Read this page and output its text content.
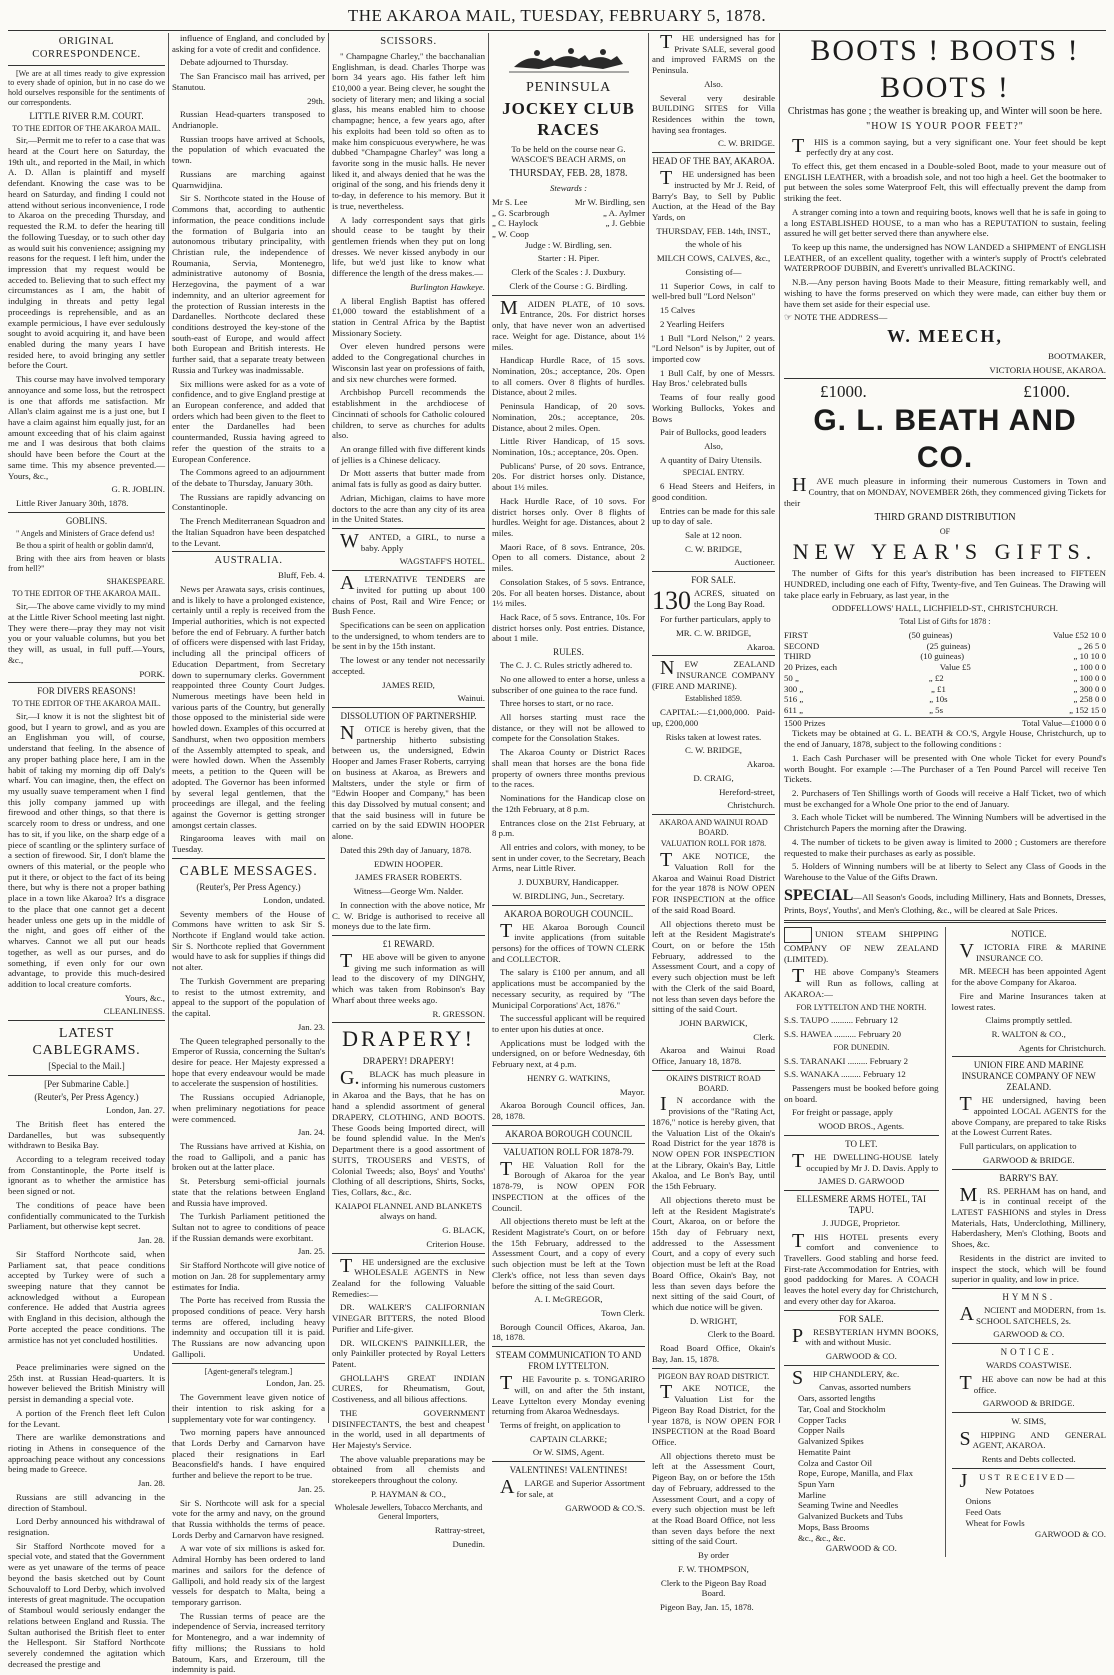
THE AKAROA MAIL, TUESDAY, FEBRUARY 5, 1878.
ORIGINAL CORRESPONDENCE.

[We are at all times ready to give expression to every shade of opinion, but in no case do we hold ourselves responsible for the sentiments of our correspondents.

LITTLE RIVER R.M. COURT.
TO THE EDITOR OF THE AKAROA MAIL.

Sir,—Permit me to refer to a case that was heard at the Court here on Saturday, the 19th ult., and reported in the Mail, in which A. D. Allan is plaintiff and myself defendant. Knowing the case was to be heard on Saturday, and finding I could not attend without serious inconvenience, I rode to Akaroa on the preceding Thursday, and requested the R.M. to defer the hearing till the following Tuesday, or to such other day as would suit his convenience; assigning my reasons for the request. I left him, under the impression that my request would be acceded to. Believing that to such effect my circumstances as I am, the habit of indulging in threats and petty legal proceedings is reprehensible, and as an example permicious, I have ever sedulously sought to avoid acquiring it, and have been enabled during the many years I have resided here, to avoid bringing any settler before the Court.

This course may have involved temporary annoyance and some loss, but the retrospect is one that affords me satisfaction. Mr Allan's claim against me is a just one, but I have a claim against him equally just, for an amount exceeding that of his claim against me and I was desirous that both claims should have been before the Court at the same time. This my absence prevented.—Yours, &c.,

G. R. JOBLIN.

Little River January 30th, 1878.

GOBLINS.

" Angels and Ministers of Grace defend us!

Be thou a spirit of health or goblin damn'd,

Bring with thee airs from heaven or blasts from hell?"

SHAKESPEARE.

TO THE EDITOR OF THE AKAROA MAIL.

Sir,—The above came vividly to my mind at the Little River School meeting last night. They were there—pray they may not visit you or your valuable columns, but you bet they will, as usual, in full puff.—Yours, &c.,

PORK.

FOR DIVERS REASONS!
TO THE EDITOR OF THE AKAROA MAIL.

Sir,—I know it is not the slightest bit of good, but I yearn to growl, and as you are an Englishman you will, of course, understand that feeling. In the absence of any proper bathing place here, I am in the habit of taking my morning dip off Daly's wharf. You can imagine, then, the effect on my usually suave temperament when I find this jolly company jammed up with firewood and other things, so that there is scarcely room to dress or undress, and one has to sit, if you like, on the sharp edge of a piece of scantling or the splintery surface of a section of firewood. Sir, I don't blame the owners of this material, or the people who put it there, or object to the fact of its being there, but why is there not a proper bathing place in a town like Akaroa? It's a disgrace to the place that one cannot get a decent header unless one gets up in the middle of the night, and goes off either of the wharves. Cannot we all put our heads together, as well as our purses, and do something, if even only for our own advantage, to provide this much-desired addition to local creature comforts.

Yours, &c.,

CLEANLINESS.

LATEST CABLEGRAMS.
[Special to the Mail.]
[Per Submarine Cable.]
(Reuter's, Per Press Agency.)

London, Jan. 27.

The British fleet has entered the Dardanelles, but was subsequently withdrawn to Besika Bay.

According to a telegram received today from Constantinople, the Porte itself is ignorant as to whether the armistice has been signed or not.

The conditions of peace have been confidentially communicated to the Turkish Parliament, but otherwise kept secret.

Jan. 28.

Sir Stafford Northcote said, when Parliament sat, that peace conditions accepted by Turkey were of such a sweeping nature that they cannot be acknowledged without a European conference. He added that Austria agrees with England in this decision, although the Porte accepted the peace conditions. The armistice has not yet concluded hostilities.

Undated.

Peace preliminaries were signed on the 25th inst. at Russian Head-quarters. It is however believed the British Ministry will persist in demanding a special vote.

A portion of the French fleet left Culon for the Levant.

There are warlike demonstrations and rioting in Athens in consequence of the approaching peace without any concessions being made to Greece.

Jan. 28.

Russians are still advancing in the direction of Stamboul.

Lord Derby announced his withdrawal of resignation.

Sir Stafford Northcote moved for a special vote, and stated that the Government were as yet unaware of the terms of peace beyond the basis sketched out by Count Schouvaloff to Lord Derby, which involved interests of great magnitude. The occupation of Stamboul would seriously endanger the relations between England and Russia. The Sultan authorised the British fleet to enter the Hellespont. Sir Stafford Northcote severely condemned the agitation which decreased the prestige and

influence of England, and concluded by asking for a vote of credit and confidence.

Debate adjourned to Thursday.

The San Francisco mail has arrived, per Stanutou.

29th.

Russian Head-quarters transposed to Andrianople.

Russian troops have arrived at Schools, the population of which evacuated the town.

Russians are marching against Quarnwidjina.

Sir S. Northcote stated in the House of Commons that, according to authentic information, the peace conditions include the formation of Bulgaria into an autonomous tributary principality, with Christian rule, the independence of Roumania, Servia, Montenegro, administrative autonomy of Bosnia, Herzegovina, the payment of a war indemnity, and an ulterior agreement for the protection of Russian interests in the Dardanelles. Northcote declared these conditions destroyed the key-stone of the south-east of Europe, and would affect both European and British interests. He further said, that a separate treaty between Russia and Turkey was inadmissable.

Six millions were asked for as a vote of confidence, and to give England prestige at an European conference, and added that orders which had been given to the fleet to enter the Dardanelles had been countermanded, Russia having agreed to refer the question of the straits to a European Conference.

The Commons agreed to an adjournment of the debate to Thursday, January 30th.

The Russians are rapidly advancing on Constantinople.

The French Mediterranean Squadron and the Italian Squadron have been despatched to the Levant.

AUSTRALIA.

Bluff, Feb. 4.

News per Arawata says, crisis continues, and is likely to have a prolonged existence, certainly until a reply is received from the Imperial authorities, which is not expected before the end of February. A further batch of officers were dispensed with last Friday, including all the principal officers of Education Department, from Secretary down to supernumary clerks. Government reappointed three County Court Judges. Numerous meetings have been held in various parts of the Country, but generally those opposed to the ministerial side were howled down. Examples of this occurred at Sandhurst, when two opposition members of the Assembly attempted to speak, and were howled down. When the Assembly meets, a petition to the Queen will be adopted. The Governor has been informed by several legal gentlemen, that the proceedings are illegal, and the feeling against the Governor is getting stronger amongst certain classes.

Ringarooma leaves with mail on Tuesday.

CABLE MESSAGES.
(Reuter's, Per Press Agency.)

London, undated.

Seventy members of the House of Commons have written to ask Sir S. Northcote if England would take action. Sir S. Northcote replied that Government would have to ask for supplies if things did not alter.

The Turkish Government are preparing to resist to the utmost extremity, and appeal to the support of the population of the capital.

Jan. 23.

The Queen telegraphed personally to the Emperor of Russia, concerning the Sultan's desire for peace. Her Majesty expressed a hope that every endeavour would be made to accelerate the suspension of hostilities.

The Russians occupied Adrianople, when preliminary negotiations for peace were commenced.

Jan. 24.

The Russians have arrived at Kishia, on the road to Gallipoli, and a panic has broken out at the latter place.

St. Petersburg semi-official journals state that the relations between England and Russia have improved.

The Turkish Parliament petitioned the Sultan not to agree to conditions of peace if the Russian demands were exorbitant.

Jan. 25.

Sir Stafford Northcote will give notice of motion on Jan. 28 for supplementary army estimates for India.

The Porte has received from Russia the proposed conditions of peace. Very harsh terms are offered, including heavy indemnity and occupation till it is paid. The Russians are now advancing upon Gallipoli.

[Agent-general's telegram.]

London, Jan. 25.

The Government leave given notice of their intention to risk asking for a supplementary vote for war contingency.

Two morning papers have announced that Lords Derby and Carnarvon have placed their resignations in Earl Beaconsfield's hands. I have enquired further and believe the report to be true.

Jan. 25.

Sir S. Northcote will ask for a special vote for the army and navy, on the ground that Russia withholds the terms of peace. Lords Derby and Carnarvon have resigned.

A war vote of six millions is asked for. Admiral Hornby has been ordered to land marines and sailors for the defence of Gallipoli, and hold ready six of the largest vessels for despatch to Malta, being a temporary garrison.

The Russian terms of peace are the independence of Servia, increased territory for Montenegro, and a war indemnity of fifty millions; the Russians to hold Batoum, Kars, and Erzeroum, till the indemnity is paid.

SCISSORS.

" Champagne Charley," the bacchanalian Englishman, is dead. Charles Thorpe was born 34 years ago. His father left him £10,000 a year. Being clever, he sought the society of literary men; and liking a social glass, his means enabled him to choose champagne; hence, a few years ago, after his exploits had been told so often as to make him conspicuous everywhere, he was dubbed "Champagne Charley" was long a favorite song in the music halls. He never liked it, and always denied that he was the original of the song, and his friends deny it to-day, in deference to his memory. But it is true, nevertheless.

A lady correspondent says that girls should cease to be taught by their gentlemen friends when they put on long dresses. We never kissed anybody in our life, but we'd just like to know what difference the length of the dress makes.—

Burlington Hawkeye.

A liberal English Baptist has offered £1,000 toward the establishment of a station in Central Africa by the Baptist Missionary Society.

Over eleven hundred persons were added to the Congregational churches in Wisconsin last year on professions of faith, and six new churches were formed.

Archbishop Purcell recommends the establishment in the archdiocese of Cincinnati of schools for Catholic coloured children, to serve as churches for adults also.

An orange filled with five different kinds of jellies is a Chinese delicacy.

Dr Mott asserts that butter made from animal fats is fully as good as dairy butter.

Adrian, Michigan, claims to have more doctors to the acre than any city of its area in the United States.

WANTED, a GIRL, to nurse a baby. Apply

WAGSTAFF'S HOTEL.

ALTERNATIVE TENDERS are invited for putting up about 100 chains of Post, Rail and Wire Fence; or Bush Fence.

Specifications can be seen on application to the undersigned, to whom tenders are to be sent in by the 15th instant.

The lowest or any tender not necessarily accepted.

JAMES REID,

Wainui.

DISSOLUTION OF PARTNERSHIP.

NOTICE is hereby given, that the partnership hitherto subsisting between us, the undersigned, Edwin Hooper and James Fraser Roberts, carrying on business at Akaroa, as Brewers and Maltsters, under the style or firm of "Edwin Hooper and Company," has been this day Dissolved by mutual consent; and that the said business will in future be carried on by the said EDWIN HOOPER alone.

Dated this 29th day of January, 1878.

EDWIN HOOPER.

JAMES FRASER ROBERTS.

Witness—George Wm. Nalder.

In connection with the above notice, Mr C. W. Bridge is authorised to receive all moneys due to the late firm.

£1 REWARD.

THE above will be given to anyone giving me such information as will lead to the discovery of my DINGHY, which was taken from Robinson's Bay Wharf about three weeks ago.

R. GRESSON.

DRAPERY!
DRAPERY! DRAPERY!

G.BLACK has much pleasure in informing his numerous customers in Akaroa and the Bays, that he has on hand a splendid assortment of general DRAPERY, CLOTHING, AND BOOTS. These Goods being Imported direct, will be found splendid value. In the Men's Department there is a good assortment of SUITS, TROUSERS and VESTS, of Colonial Tweeds; also, Boys' and Youths' Clothing of all descriptions, Shirts, Socks, Ties, Collars, &c., &c.

KAIAPOI FLANNEL AND BLANKETS always on hand.

G. BLACK,

Criterion House.

THE undersigned are the exclusive WHOLESALE AGENTS in New Zealand for the following Valuable Remedies:—

DR. WALKER'S CALIFORNIAN VINEGAR BITTERS, the noted Blood Purifier and Life-giver.

DR. WILCKEN'S PAINKILLER, the only Painkiller protected by Royal Letters Patent.

GHOLLAH'S GREAT INDIAN CURES, for Rheumatism, Gout, Costiveness, and all bilious affections.

THE GOVERNMENT DISINFECTANTS, the best and cheapest in the world, used in all departments of Her Majesty's Service.

The above valuable preparations may be obtained from all chemists and storekeepers throughout the colony.

P. HAYMAN & CO.,

Wholesale Jewellers, Tobacco Merchants, and General Importers,

Rattray-street,

Dunedin.

PENINSULA
JOCKEY CLUB RACES

To be held on the course near G. WASCOE'S BEACH ARMS, on

THURSDAY, FEB. 28, 1878.

Stewards :

Mr S. Lee	Mr W. Birdling, sen
„ G. Scarbrough	„ A. Aylmer
„ C. Haylock	„ J. Gebbie
„ W. Coop

Judge : W. Birdling, sen.

Starter : H. Piper.

Clerk of the Scales : J. Duxbury.

Clerk of the Course : G. Birdling.

MAIDEN PLATE, of 10 sovs. Entrance, 20s. For district horses only, that have never won an advertised race. Weight for age. Distance, about 1½ miles.

Handicap Hurdle Race, of 15 sovs. Nomination, 20s.; acceptance, 20s. Open to all comers. Over 8 flights of hurdles. Distance, about 2 miles.

Peninsula Handicap, of 20 sovs. Nomination, 20s.; acceptance, 20s. Distance, about 2 miles. Open.

Little River Handicap, of 15 sovs. Nomination, 10s.; acceptance, 20s. Open.

Publicans' Purse, of 20 sovs. Entrance, 20s. For district horses only. Distance, about 1½ miles.

Hack Hurdle Race, of 10 sovs. For district horses only. Over 8 flights of hurdles. Weight for age. Distances, about 2 miles.

Maori Race, of 8 sovs. Entrance, 20s. Open to all comers. Distance, about 2 miles.

Consolation Stakes, of 5 sovs. Entrance, 20s. For all beaten horses. Distance, about 1½ miles.

Hack Race, of 5 sovs. Entrance, 10s. For district horses only. Post entries. Distance, about 1 mile.

RULES.

The C. J. C. Rules strictly adhered to.

No one allowed to enter a horse, unless a subscriber of one guinea to the race fund.

Three horses to start, or no race.

All horses starting must race the distance, or they will not be allowed to compete for the Consolation Stakes.

The Akaroa County or District Races shall mean that horses are the bona fide property of owners three months previous to the races.

Nominations for the Handicap close on the 12th February, at 8 p.m.

Entrances close on the 21st February, at 8 p.m.

All entries and colors, with money, to be sent in under cover, to the Secretary, Beach Arms, near Little River.

J. DUXBURY, Handicapper.

W. BIRDLING, Jun., Secretary.

AKAROA BOROUGH COUNCIL.

THE Akaroa Borough Council invite applications (from suitable persons) for the offices of TOWN CLERK and COLLECTOR.

The salary is £100 per annum, and all applications must be accompanied by the necessary security, as required by "The Municipal Corporations' Act, 1876."

The successful applicant will be required to enter upon his duties at once.

Applications must be lodged with the undersigned, on or before Wednesday, 6th February next, at 4 p.m.

HENRY G. WATKINS,

Mayor.

Akaroa Borough Council offices, Jan. 28, 1878.

AKAROA BOROUGH COUNCIL
VALUATION ROLL FOR 1878-79.

THE Valuation Roll for the Borough of Akaroa for the year 1878-79, is NOW OPEN FOR INSPECTION at the offices of the Council.

All objections thereto must be left at the Resident Magistrate's Court, on or before the 15th February, addressed to the Assessment Court, and a copy of every such objection must be left at the Town Clerk's office, not less than seven days before the sitting of the said Court.

A. I. McGREGOR,

Town Clerk.

Borough Council Offices, Akaroa, Jan. 18, 1878.

STEAM COMMUNICATION TO AND FROM LYTTELTON.

THE Favourite p. s. TONGARIRO will, on and after the 5th instant, Leave Lyttelton every Monday evening returning from Akaroa Wednesdays.

Terms of freight, on application to

CAPTAIN CLARKE;

Or W. SIMS, Agent.

VALENTINES! VALENTINES!

ALARGE and Superior Assortment for sale, at

GARWOOD & CO.'S.

THE undersigned has for Private SALE, several good and improved FARMS on the Peninsula.

Also.

Several very desirable BUILDING SITES for Villa Residences within the town, having sea frontages.

C. W. BRIDGE.

HEAD OF THE BAY, AKAROA.

THE undersigned has been instructed by Mr J. Reid, of Barry's Bay, to Sell by Public Auction, at the Head of the Bay Yards, on

THURSDAY, FEB. 14th, INST.,

the whole of his

MILCH COWS, CALVES, &c.,

Consisting of—

11 Superior Cows, in calf to well-bred bull "Lord Nelson"

15 Calves

2 Yearling Heifers

1 Bull "Lord Nelson," 2 years. "Lord Nelson" is by Jupiter, out of imported cow

1 Bull Calf, by one of Messrs. Hay Bros.' celebrated bulls

Teams of four really good Working Bullocks, Yokes and Bows

Pair of Bullocks, good leaders

Also,

A quantity of Dairy Utensils.

SPECIAL ENTRY.

6 Head Steers and Heifers, in good condition.

Entries can be made for this sale up to day of sale.

Sale at 12 noon.

C. W. BRIDGE,

Auctioneer.

FOR SALE.

130 ACRES, situated on the Long Bay Road.

For further particulars, apply to

MR. C. W. BRIDGE,

Akaroa.

NEW ZEALAND INSURANCE COMPANY (FIRE AND MARINE).

Established 1859.

CAPITAL:—£1,000,000. Paid-up, £200,000

Risks taken at lowest rates.

C. W. BRIDGE,

Akaroa.

D. CRAIG,

Hereford-street,

Christchurch.

AKAROA AND WAINUI ROAD BOARD.
VALUATION ROLL FOR 1878.

TAKE NOTICE, the Valuation Roll for the Akaroa and Wainui Road District for the year 1878 is NOW OPEN FOR INSPECTION at the office of the said Road Board.

All objections thereto must be left at the Resident Magistrate's Court, on or before the 15th February, addressed to the Assessment Court, and a copy of every such objection must be left with the Clerk of the said Board, not less than seven days before the sitting of the said Court.

JOHN BARWICK,

Clerk.

Akaroa and Wainui Road Office, January 18, 1878.

OKAIN'S DISTRICT ROAD BOARD.

IN accordance with the provisions of the "Rating Act, 1876," notice is hereby given, that the Valuation List of the Okain's Road District for the year 1878 is NOW OPEN FOR INSPECTION at the Library, Okain's Bay, Little Akaloa, and Le Bon's Bay, until the 15th February.

All objections thereto must be left at the Resident Magistrate's Court, Akaroa, on or before the 15th day of February next, addressed to the Assessment Court, and a copy of every such objection must be left at the Road Board Office, Okain's Bay, not less than seven days before the next sitting of the said Court, of which due notice will be given.

D. WRIGHT,

Clerk to the Board.

Road Board Office, Okain's Bay, Jan. 15, 1878.

PIGEON BAY ROAD DISTRICT.

TAKE NOTICE, the Valuation List for the Pigeon Bay Road District, for the year 1878, is NOW OPEN FOR INSPECTION at the Road Board Office.

All objections thereto must be left at the Assessment Court, Pigeon Bay, on or before the 15th day of February, addressed to the Assessment Court, and a copy of every such objection must be left at the Road Board Office, not less than seven days before the next sitting of the said Court.

By order

F. W. THOMPSON,

Clerk to the Pigeon Bay Road Board.

Pigeon Bay, Jan. 15, 1878.

BOOTS ! BOOTS ! BOOTS !

Christmas has gone ; the weather is breaking up, and Winter will soon be here.

"HOW IS YOUR POOR FEET?"

THIS is a common saying, but a very significant one. Your feet should be kept perfectly dry at any cost.

To effect this, get them encased in a Double-soled Boot, made to your measure out of ENGLISH LEATHER, with a broadish sole, and not too high a heel. Get the bootmaker to put between the soles some Waterproof Felt, this will effectually prevent the damp from striking the feet.

A stranger coming into a town and requiring boots, knows well that he is safe in going to a long ESTABLISHED HOUSE, to a man who has a REPUTATION to sustain, feeling assured he will get better served there than anywhere else.

To keep up this name, the undersigned has NOW LANDED a SHIPMENT of ENGLISH LEATHER, of an excellent quality, together with a winter's supply of Proctt's celebrated WATERPROOF DUBBIN, and Everett's unrivalled BLACKING.

N.B.—Any person having Boots Made to their Measure, fitting remarkably well, and wishing to have the forms preserved on which they were made, can either buy them or have them set aside for their especial use.

☞ NOTE THE ADDRESS—

W. MEECH,

BOOTMAKER,

VICTORIA HOUSE, AKAROA.

£1000.	£1000.
G. L. BEATH AND CO.

HAVE much pleasure in informing their numerous Customers in Town and Country, that on MONDAY, NOVEMBER 26th, they commenced giving Tickets for their

THIRD GRAND DISTRIBUTION

OF

NEW YEAR'S GIFTS.

The number of Gifts for this year's distribution has been increased to FIFTEEN HUNDRED, including one each of Fifty, Twenty-five, and Ten Guineas. The Drawing will take place early in February, as last year, in the

ODDFELLOWS' HALL, LICHFIELD-ST., CHRISTCHURCH.

Total List of Gifts for 1878 :

FIRST	(50 guineas)	Value £52 10 0
SECOND	(25 guineas)	„ 26 5 0
THIRD	(10 guineas)	„ 10 10 0
20 Prizes, each	Value £5	„ 100 0 0
50 „	„ £2	„ 100 0 0
300 „	„ £1	„ 300 0 0
516 „	„ 10s	„ 258 0 0
611 „	„ 5s	„ 152 15 0
1500 Prizes	Total Value—£1000 0 0

Tickets may be obtained at G. L. BEATH & CO.'S, Argyle House, Christchurch, up to the end of January, 1878, subject to the following conditions :

1. Each Cash Purchaser will be presented with One whole Ticket for every Pound's worth Bought. For example :—The Purchaser of a Ten Pound Parcel will receive Ten Tickets.

2. Purchasers of Ten Shillings worth of Goods will receive a Half Ticket, two of which must be exchanged for a Whole One prior to the end of January.

3. Each whole Ticket will be numbered. The Winning Numbers will be advertised in the Christchurch Papers the morning after the Drawing.

4. The number of tickets to be given away is limited to 2000 ; Customers are therefore requested to make their purchases as early as possible.

5. Holders of Winning numbers will be at liberty to Select any Class of Goods in the Warehouse to the Value of the Gifts Drawn.

SPECIAL—All Season's Goods, including Millinery, Hats and Bonnets, Dresses, Prints, Boys', Youths', and Men's Clothing, &c., will be cleared at Sale Prices.

UNION STEAM SHIPPING COMPANY OF NEW ZEALAND (LIMITED).

THE above Company's Steamers will Run as follows, calling at AKAROA:—

FOR LYTTELTON AND THE NORTH.

S.S. TAUPO .......... February 12

S.S. HAWEA .......... February 20

FOR DUNEDIN.

S.S. TARANAKI ......... February 2

S.S. WANAKA ......... February 12

Passengers must be booked before going on board.

For freight or passage, apply

WOOD BROS., Agents.

TO LET.

THE DWELLING-HOUSE lately occupied by Mr J. D. Davis. Apply to

JAMES D. GARWOOD

ELLESMERE ARMS HOTEL, TAI TAPU.

J. JUDGE, Proprietor.

THIS HOTEL presents every comfort and convenience to Travellers. Good stabling and horse feed. First-rate Accommodation for Entries, with good paddocking for Mares. A COACH leaves the hotel every day for Christchurch, and every other day for Akaroa.

FOR SALE.

PRESBYTERIAN HYMN BOOKS, with and without Music.

GARWOOD & CO.

SHIP CHANDLERY, &c.

Canvas, assorted numbers

Oars, assorted lengths

Tar, Coal and Stockholm

Copper Tacks

Copper Nails

Galvanized Spikes

Hematite Paint

Colza and Castor Oil

Rope, Europe, Manilla, and Flax

Spun Yarn

Marline

Seaming Twine and Needles

Galvanized Buckets and Tubs

Mops, Bass Brooms

&c., &c., &c.

GARWOOD & CO.

NOTICE.

VICTORIA FIRE & MARINE INSURANCE CO.

MR. MEECH has been appointed Agent for the above Company for Akaroa.

Fire and Marine Insurances taken at lowest rates.

Claims promptly settled.

R. WALTON & CO.,

Agents for Christchurch.

UNION FIRE AND MARINE INSURANCE COMPANY OF NEW ZEALAND.

THE undersigned, having been appointed LOCAL AGENTS for the above Company, are prepared to take Risks at the Lowest Current Rates.

Full particulars, on application to

GARWOOD & BRIDGE.

BARRY'S BAY.

MRS. PERHAM has on hand, and is in continual receipt of the LATEST FASHIONS and styles in Dress Materials, Hats, Underclothing, Millinery, Haberdashery, Men's Clothing, Boots and Shoes, &c.

Residents in the district are invited to inspect the stock, which will be found superior in quality, and low in price.

HYMNS.

ANCIENT and MODERN, from 1s. SCHOOL SATCHELS, 2s.

GARWOOD & CO.

NOTICE.

WARDS COASTWISE.

THE above can now be had at this office.

GARWOOD & BRIDGE.

W. SIMS,

SHIPPING AND GENERAL AGENT, AKAROA.

Rents and Debts collected.

JUST RECEIVED—

New Potatoes

Onions

Feed Oats

Wheat for Fowls

GARWOOD & CO.
